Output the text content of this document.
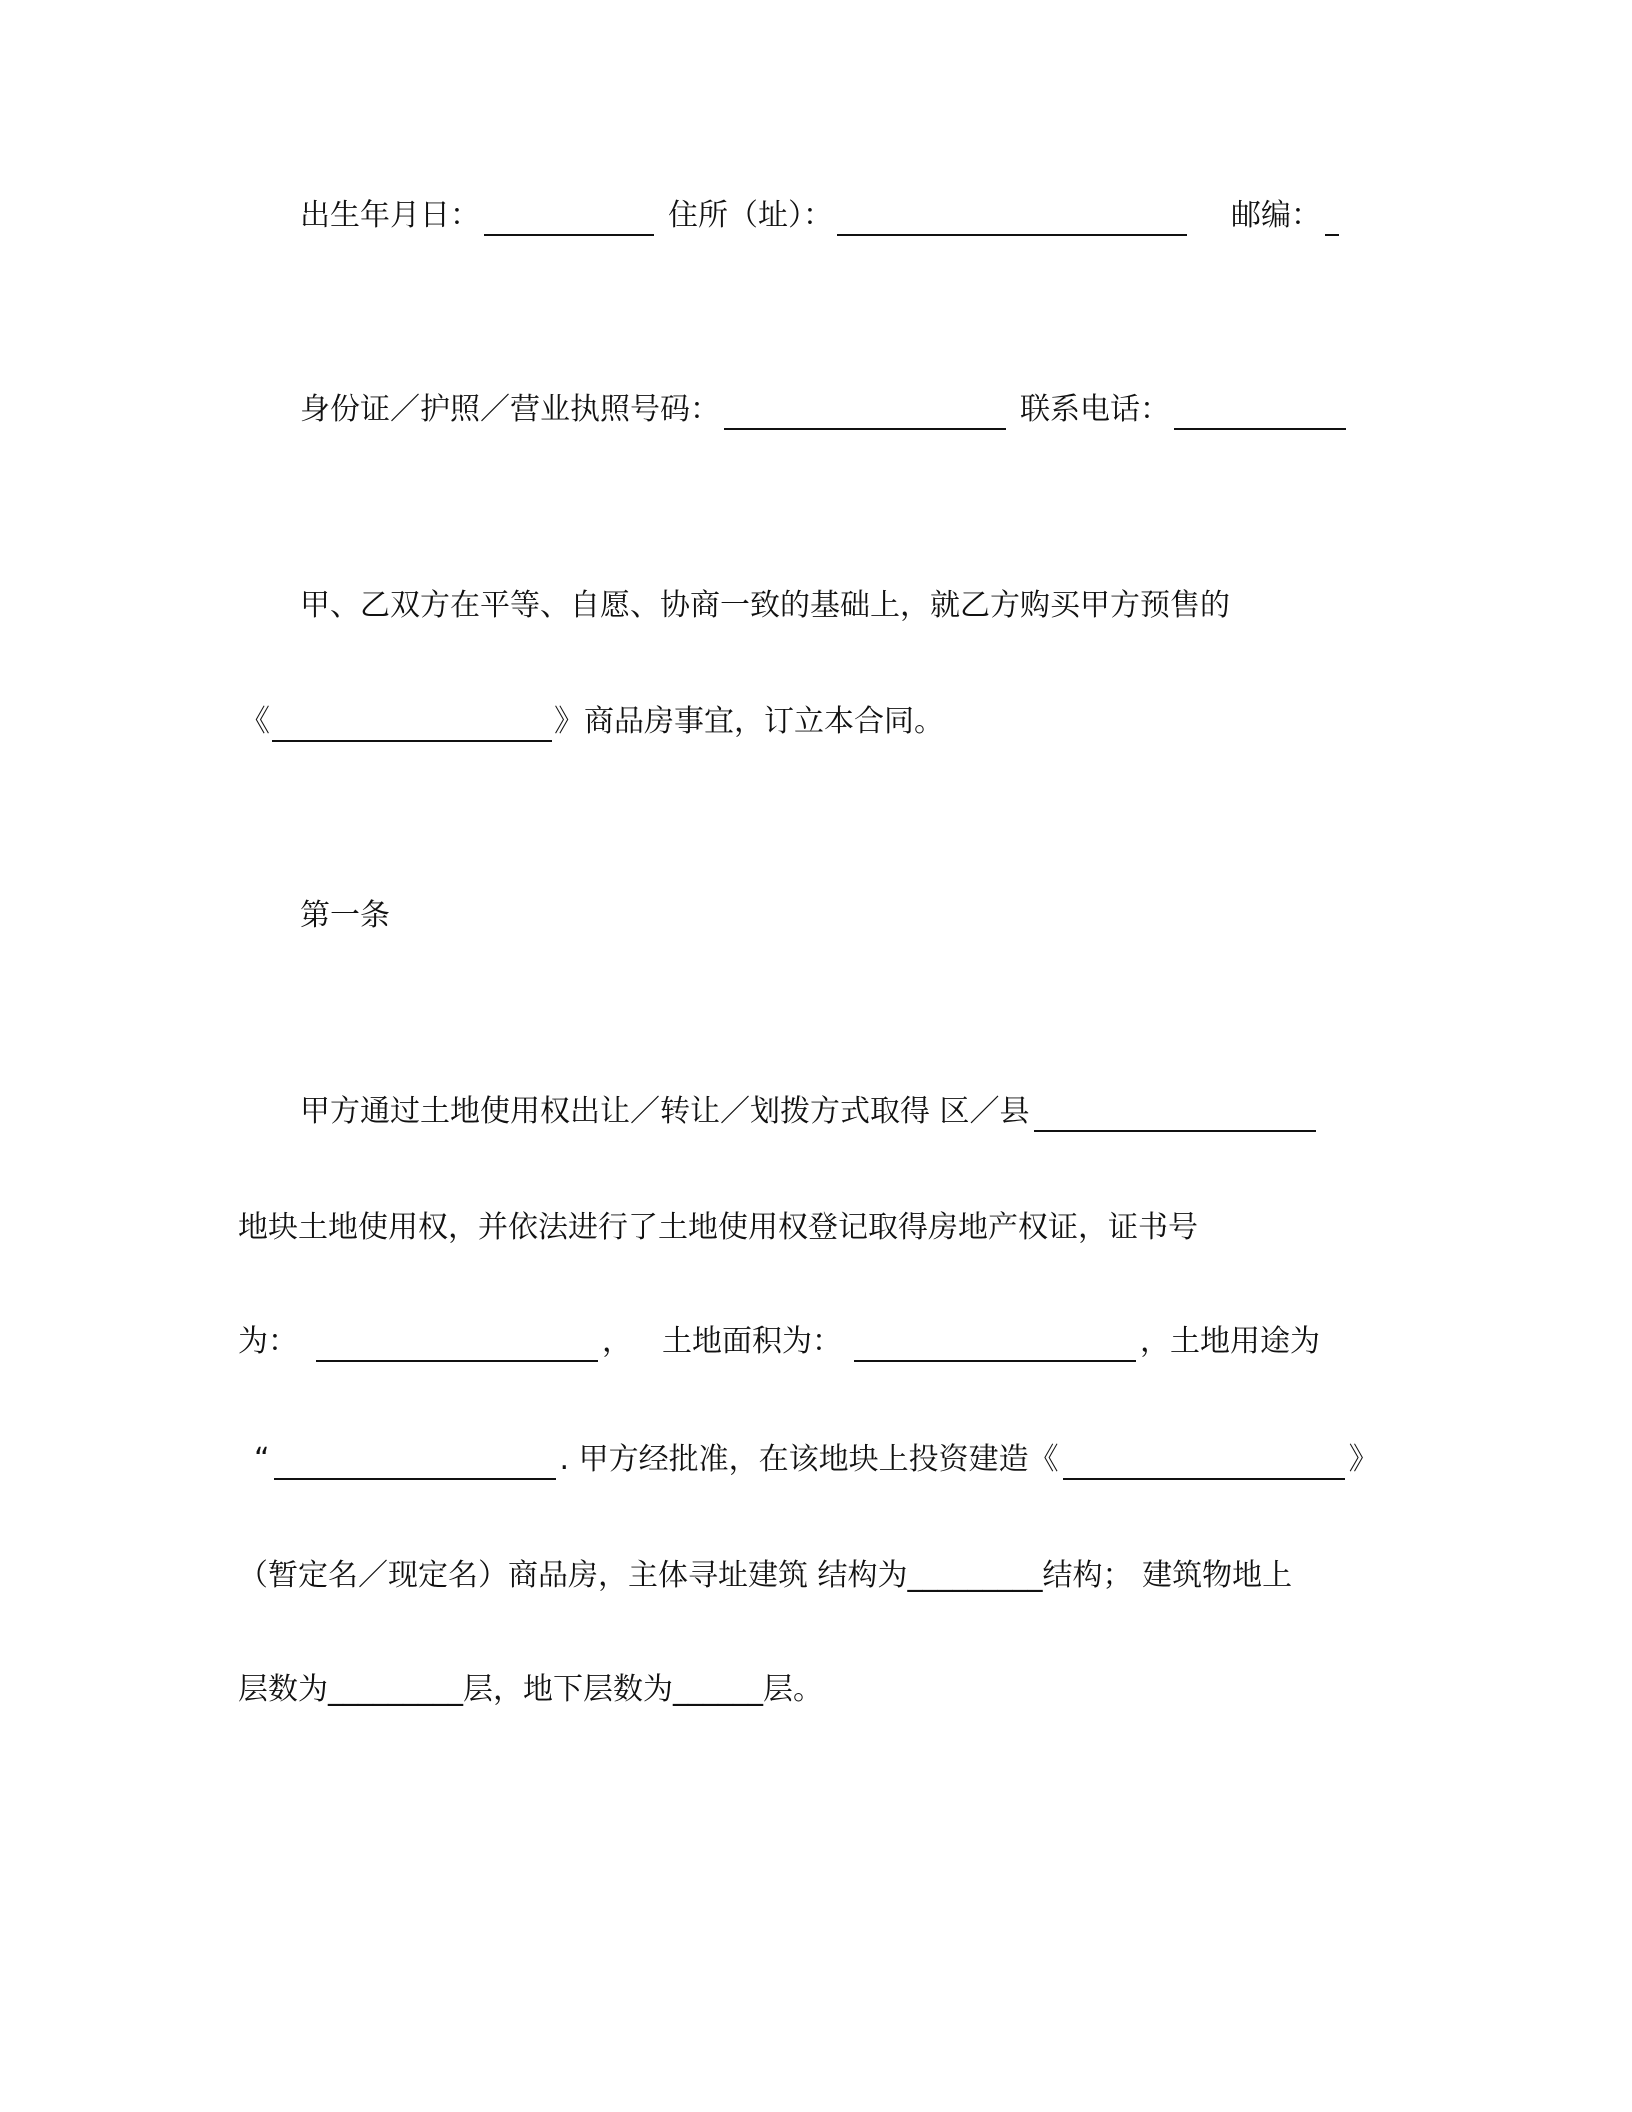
出生年月日：	住所（址）：	邮编：
身份证／护照／营业执照号码：	联系电话：
甲、乙双方在平等、自愿、协商一致的基础上，就乙方购买甲方预售的
《	》商品房事宜，订立本合同。
第一条
甲方通过土地使用权出让／转让／划拨方式取得 区／县
地块土地使用权，并依法进行了土地使用权登记取得房地产权证，证书号
为：	， 土地面积为：	，土地用途为
“	. 甲方经批准，在该地块上投资建造《	》
（暂定名／现定名）商品房，主体寻址建筑 结构为 _________ 结构； 建筑物地上
层数为 _________ 层，地下层数为 ______ 层。
